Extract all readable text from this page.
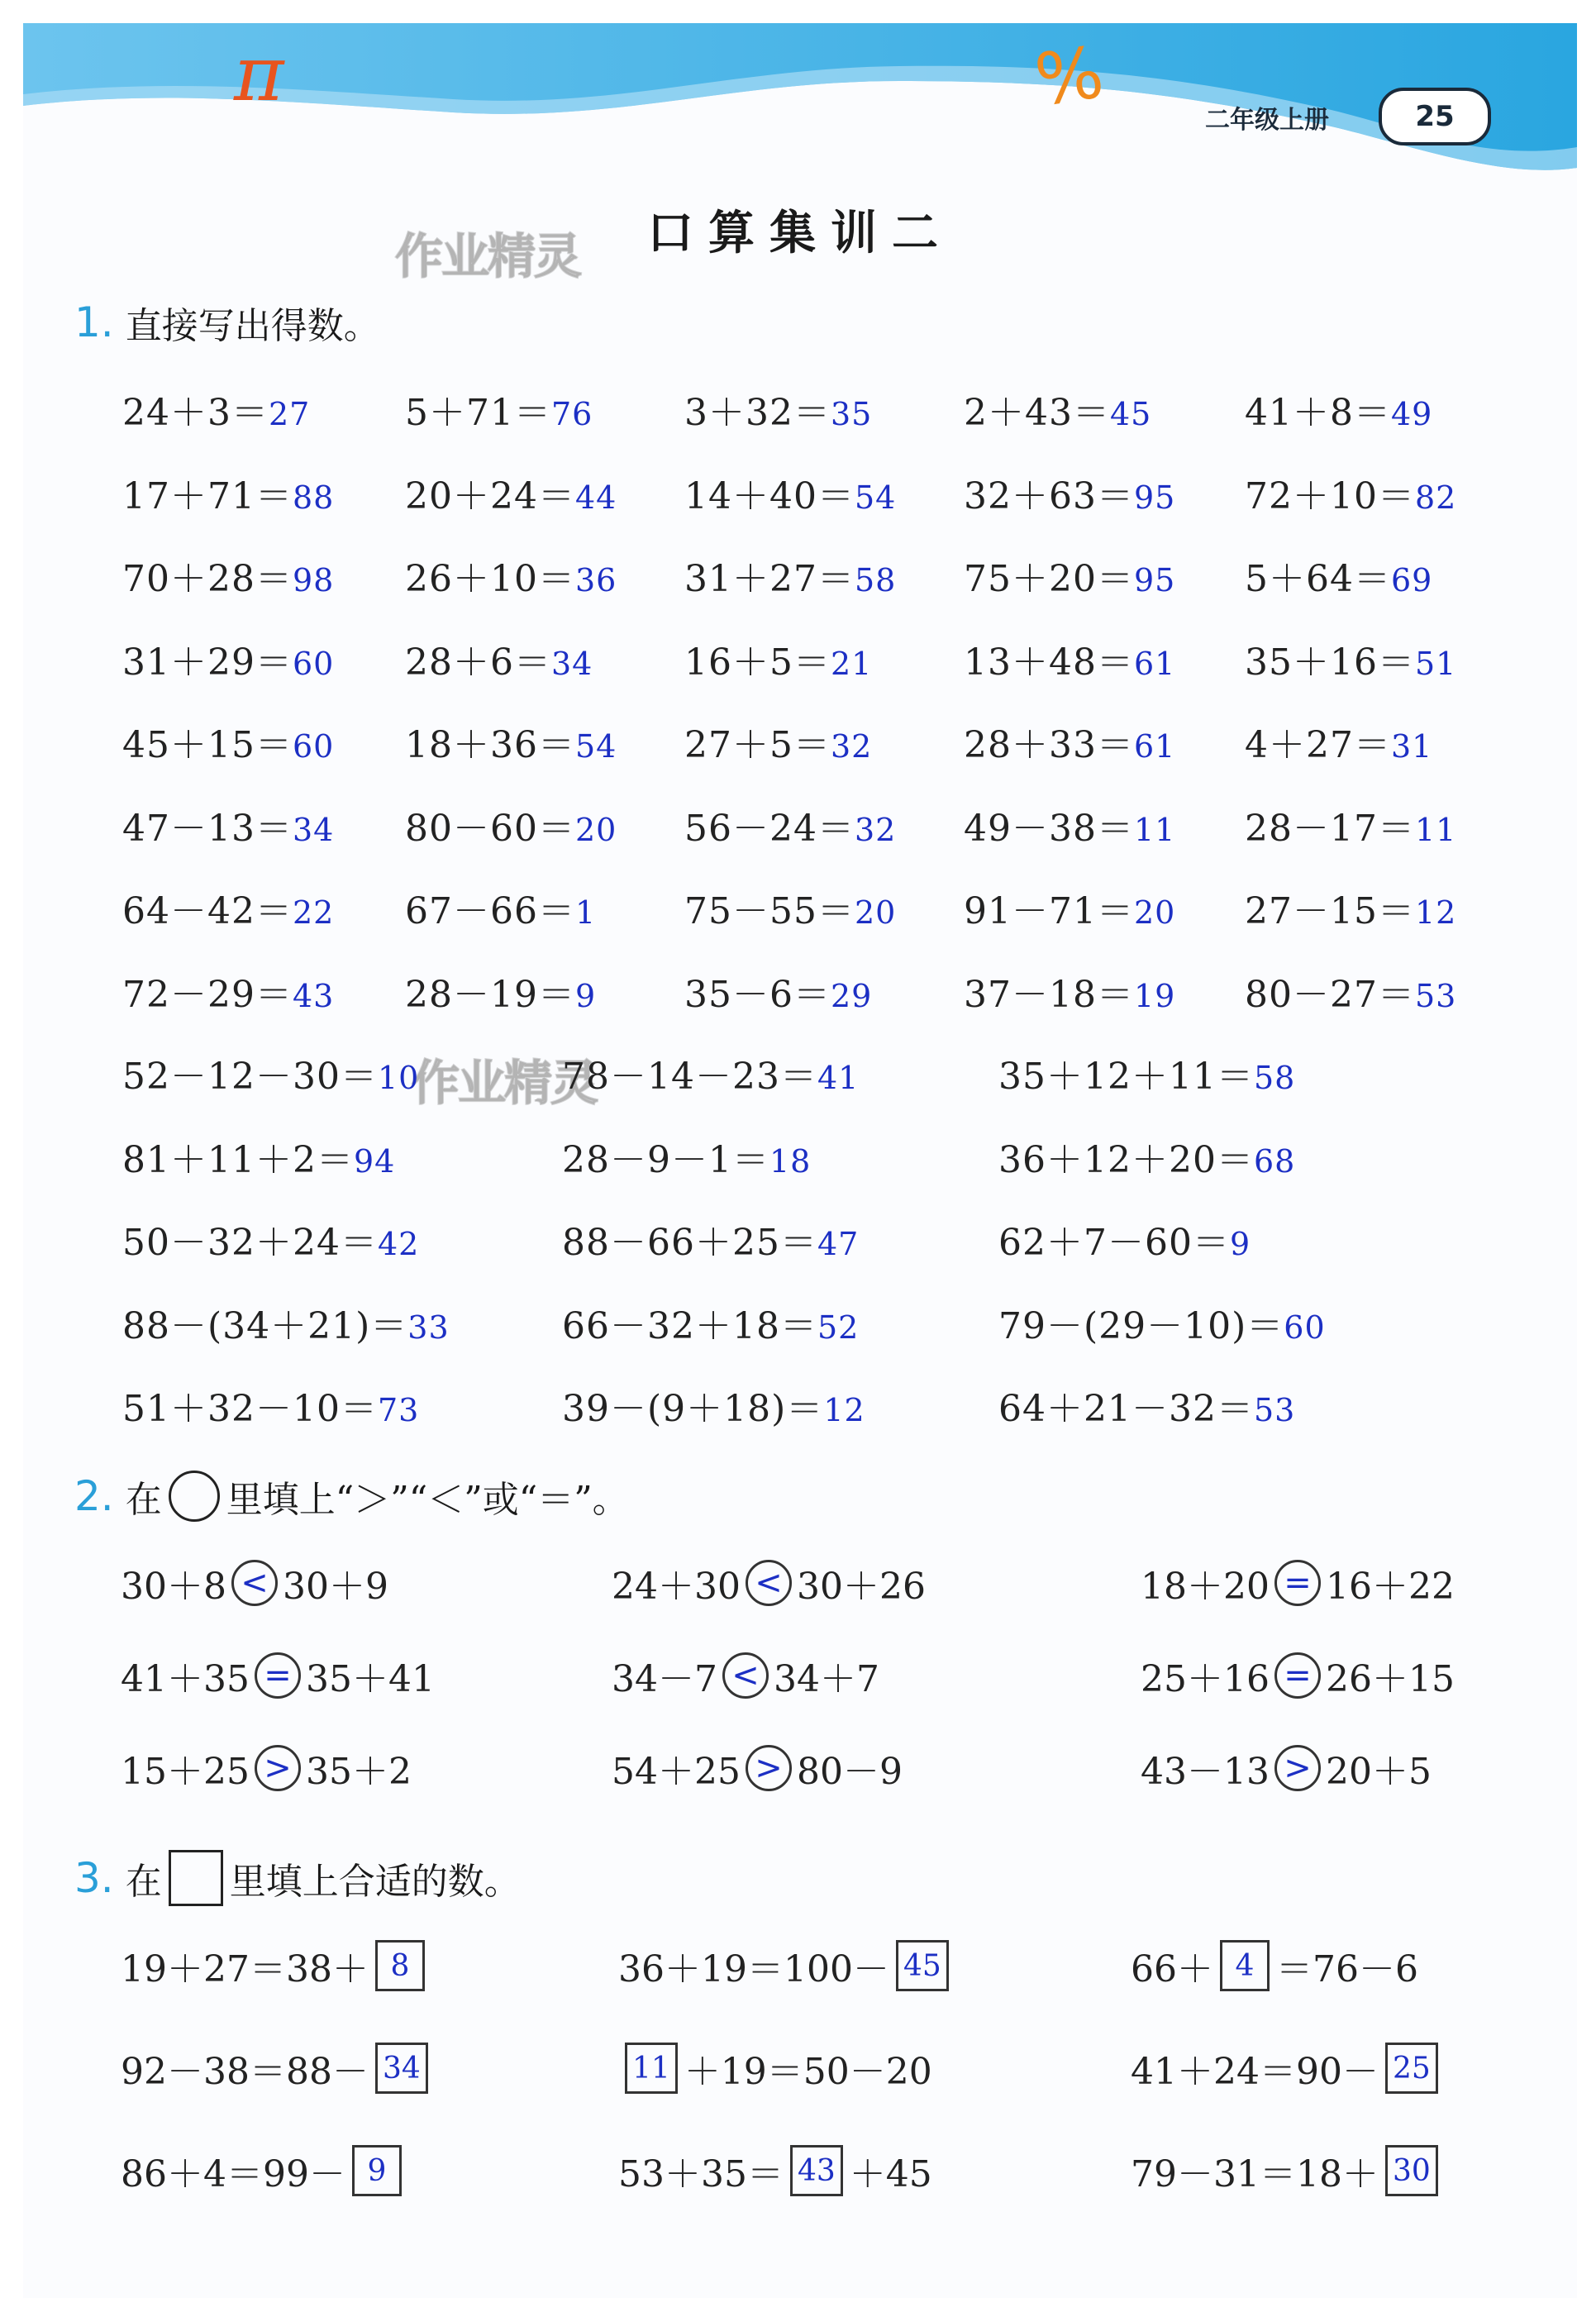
π	%	二年级上册	25
作业精灵
作业精灵
口算集训二
1. 直接写出得数。
24＋3＝27	5＋71＝76	3＋32＝35	2＋43＝45	41＋8＝49
17＋71＝88 20＋24＝44 14＋40＝54 32＋63＝95 72＋10＝82
70＋28＝98 26＋10＝36 31＋27＝58 75＋20＝95 5＋64＝69
31＋29＝60 28＋6＝34	16＋5＝21	13＋48＝61 35＋16＝51
45＋15＝60 18＋36＝54 27＋5＝32	28＋33＝61 4＋27＝31
47－13＝34 80－60＝20 56－24＝32 49－38＝11 28－17＝11
64－42＝22 67－66＝1 75－55＝20 91－71＝20 27－15＝12
72－29＝43 28－19＝9 35－6＝29	37－18＝19 80－27＝53
52－12－30＝10	78－14－23＝41	35＋12＋11＝58
81＋11＋2＝94	28－9－1＝18	36＋12＋20＝68
50－32＋24＝42	88－66＋25＝47	62＋7－60＝9
88－(34＋21)＝33	66－32＋18＝52	79－(29－10)＝60
51＋32－10＝73	39－(9＋18)＝12	64＋21－32＝53
2. 在 里填上“＞”“＜”或“＝”。
30＋8 < 30＋9	24＋30 < 30＋26	18＋20 = 16＋22
41＋35 = 35＋41	34－7 < 34＋7	25＋16 = 26＋15
15＋25 > 35＋2	54＋25 > 80－9	43－13 > 20＋5
3. 在 里填上合适的数。
19＋27＝38＋ 8	36＋19＝100－ 45	66＋ 4 ＝76－6
92－38＝88－ 34	11 ＋19＝50－20	41＋24＝90－ 25
86＋4＝99－ 9	53＋35＝ 43 ＋45	79－31＝18＋ 30
